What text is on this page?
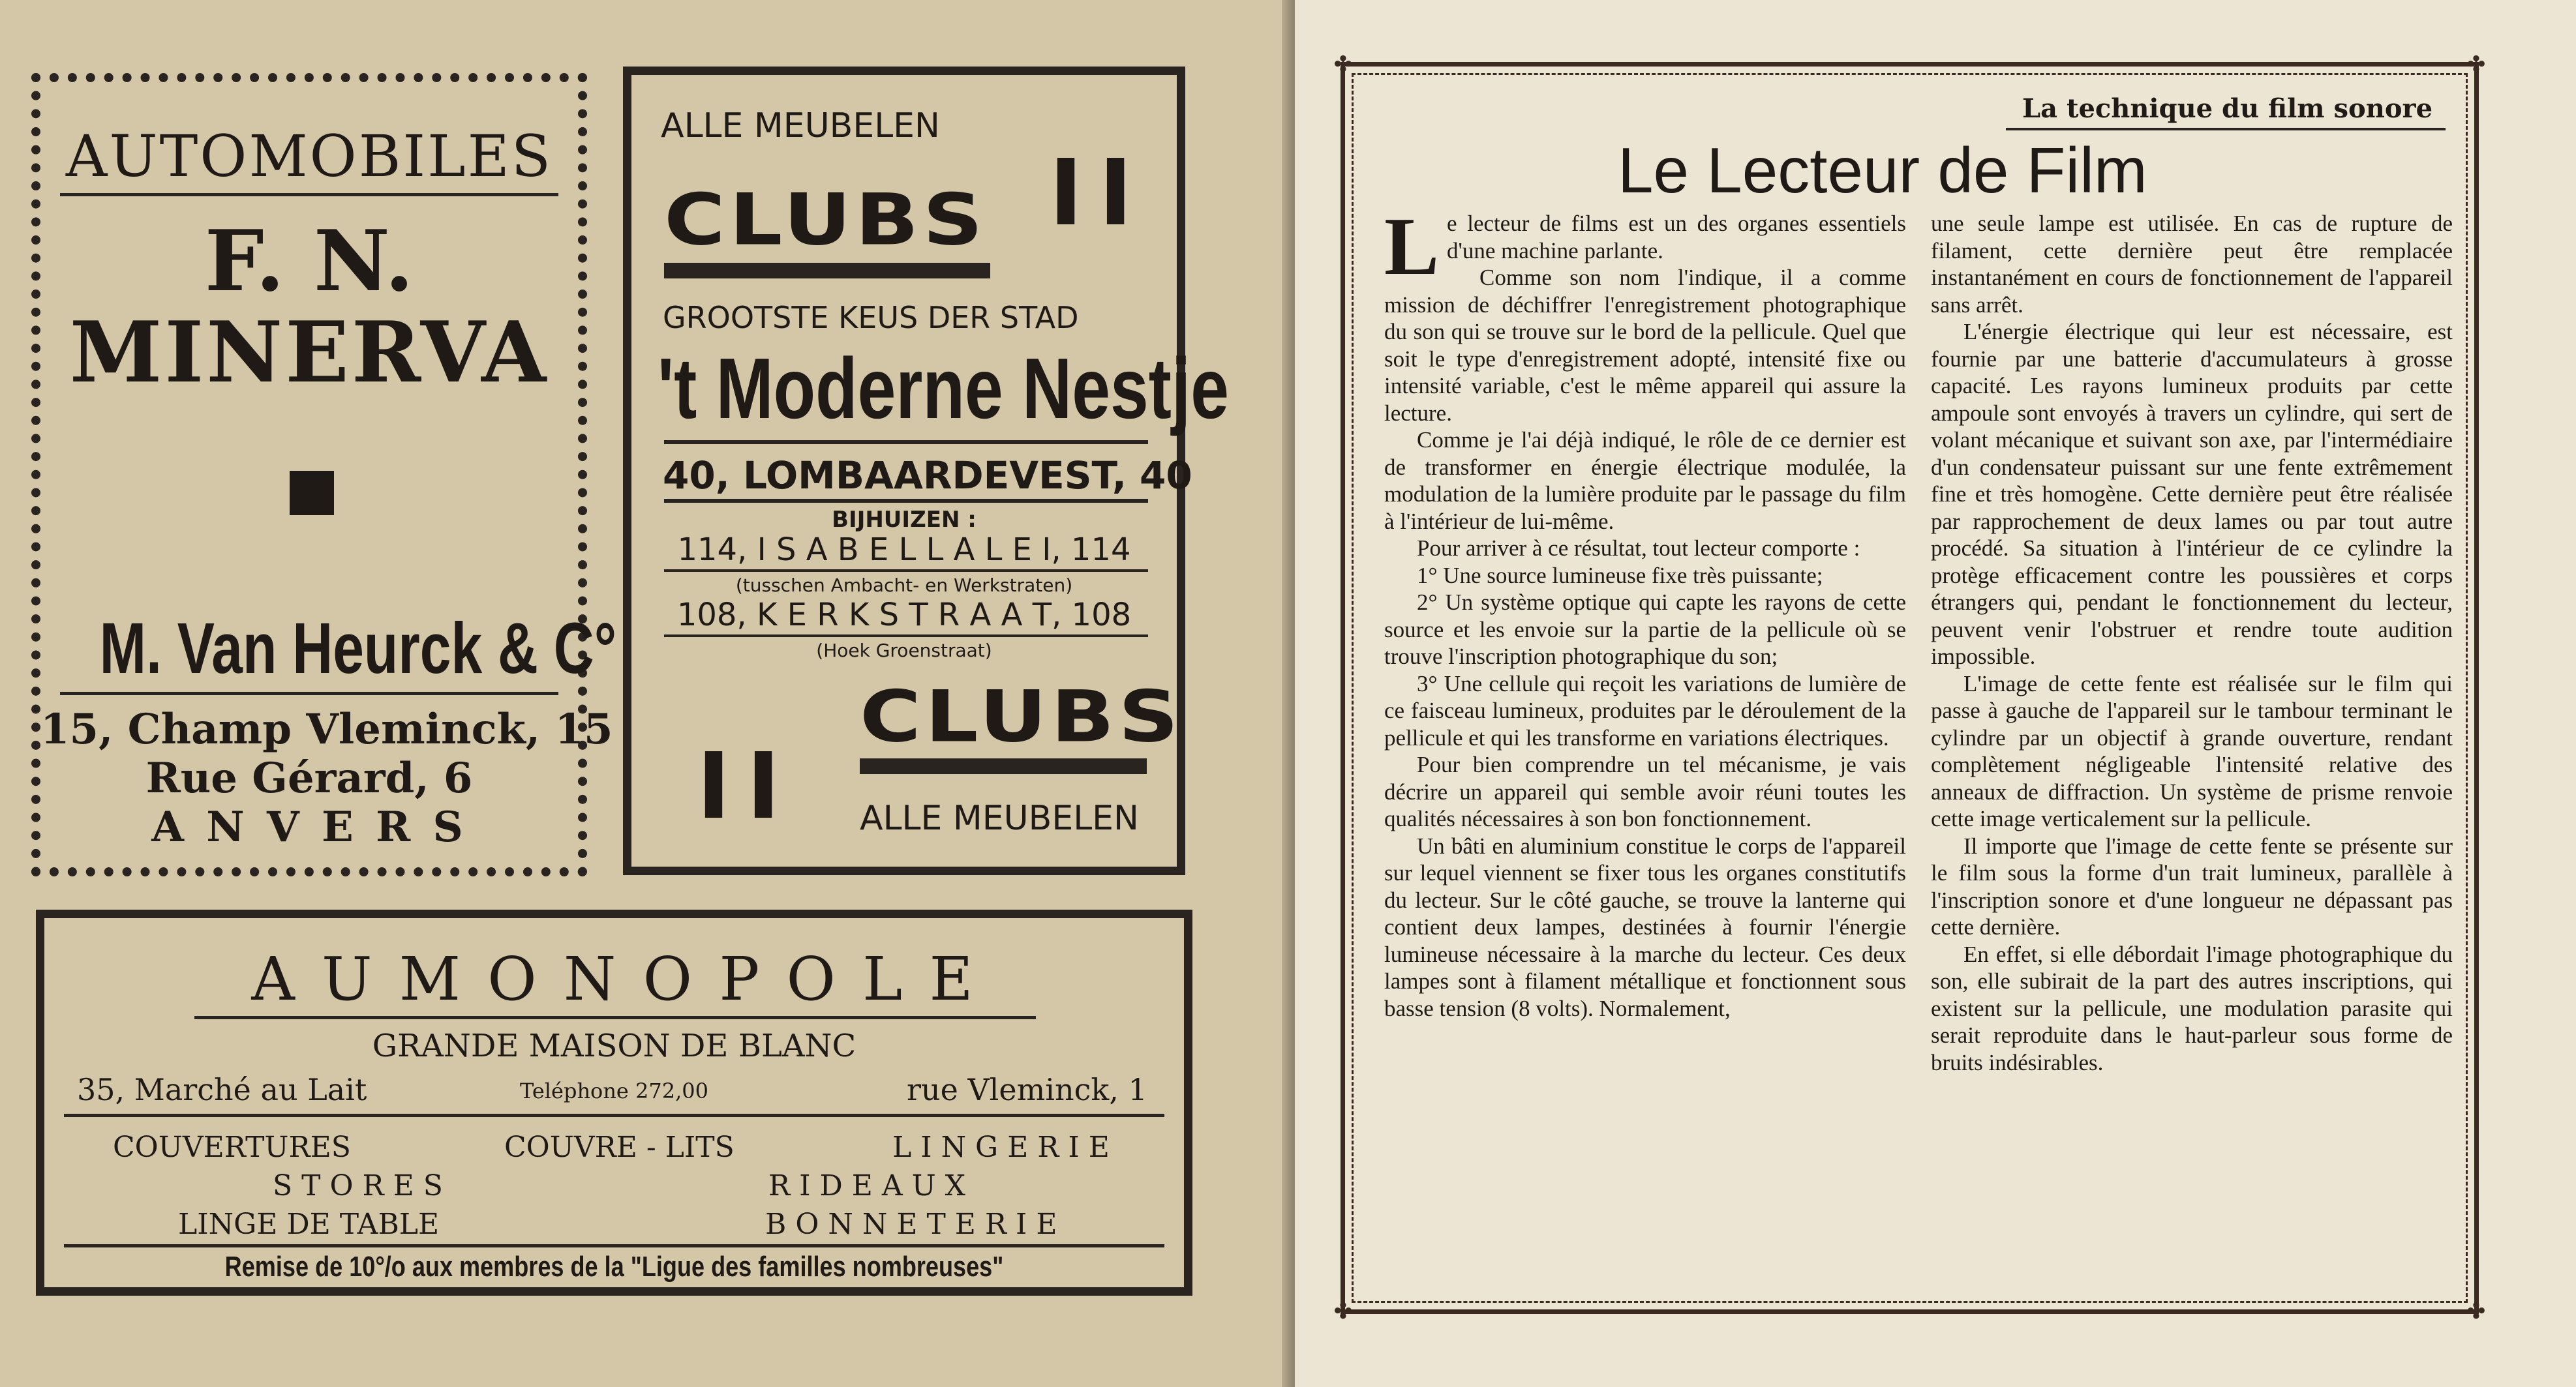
AUTOMOBILES
F. N.
MINERVA
M. Van Heurck & C°
15, Champ Vleminck, 15
Rue Gérard, 6
A N V E R S
ALLE MEUBELEN
CLUBS II
GROOTSTE KEUS DER STAD
't Moderne Nestje
40, LOMBAARDEVEST, 40
BIJHUIZEN :
114, I S A B E L L A L E I, 114
(tusschen Ambacht- en Werkstraten)
108, K E R K S T R A A T, 108
(Hoek Groenstraat)
II
CLUBS
ALLE MEUBELEN
A U M O N O P O L E
GRANDE MAISON DE BLANC
35, Marché au Lait	Teléphone 272,00	rue Vleminck, 1
COUVERTURES	COUVRE - LITS	L I N G E R I E
S T O R E S	R I D E A U X
LINGE DE TABLE	B O N N E T E R I E
Remise de 10°/o aux membres de la "Ligue des familles nombreuses"
✤	✤
✤	✤
La technique du film sonore
Le Lecteur de Film
L e lecteur de films est un des organes essentiels d'une machine parlante.

Comme son nom l'indique, il a comme mission de déchiffrer l'enregistrement photographique du son qui se trouve sur le bord de la pellicule. Quel que soit le type d'enregistrement adopté, intensité fixe ou intensité variable, c'est le même appareil qui assure la lecture.

Comme je l'ai déjà indiqué, le rôle de ce dernier est de transformer en énergie électrique modulée, la modulation de la lumière produite par le passage du film à l'intérieur de lui-même.

Pour arriver à ce résultat, tout lecteur comporte :

1° Une source lumineuse fixe très puissante;

2° Un système optique qui capte les rayons de cette source et les envoie sur la partie de la pellicule où se trouve l'inscription photographique du son;

3° Une cellule qui reçoit les variations de lumière de ce faisceau lumineux, produites par le déroulement de la pellicule et qui les transforme en variations électriques.

Pour bien comprendre un tel mécanisme, je vais décrire un appareil qui semble avoir réuni toutes les qualités nécessaires à son bon fonctionnement.

Un bâti en aluminium constitue le corps de l'appareil sur lequel viennent se fixer tous les organes constitutifs du lecteur. Sur le côté gauche, se trouve la lanterne qui contient deux lampes, destinées à fournir l'énergie lumineuse nécessaire à la marche du lecteur. Ces deux lampes sont à filament métallique et fonctionnent sous basse tension (8 volts). Normalement,

une seule lampe est utilisée. En cas de rupture de filament, cette dernière peut être remplacée instantanément en cours de fonctionnement de l'appareil sans arrêt.

L'énergie électrique qui leur est nécessaire, est fournie par une batterie d'accumulateurs à grosse capacité. Les rayons lumineux produits par cette ampoule sont envoyés à travers un cylindre, qui sert de volant mécanique et suivant son axe, par l'intermédiaire d'un condensateur puissant sur une fente extrêmement fine et très homogène. Cette dernière peut être réalisée par rapprochement de deux lames ou par tout autre procédé. Sa situation à l'intérieur de ce cylindre la protège efficacement contre les poussières et corps étrangers qui, pendant le fonctionnement du lecteur, peuvent venir l'obstruer et rendre toute audition impossible.

L'image de cette fente est réalisée sur le film qui passe à gauche de l'appareil sur le tambour terminant le cylindre par un objectif à grande ouverture, rendant complètement négligeable l'intensité relative des anneaux de diffraction. Un système de prisme renvoie cette image verticalement sur la pellicule.

Il importe que l'image de cette fente se présente sur le film sous la forme d'un trait lumineux, parallèle à l'inscription sonore et d'une longueur ne dépassant pas cette dernière.

En effet, si elle débordait l'image photographique du son, elle subirait de la part des autres inscriptions, qui existent sur la pellicule, une modulation parasite qui serait reproduite dans le haut-parleur sous forme de bruits indésirables.
